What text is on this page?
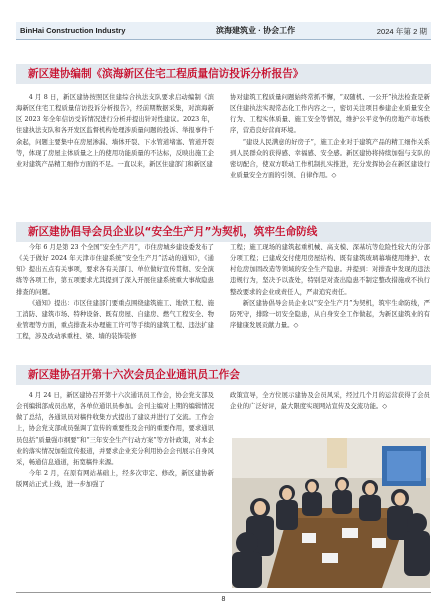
BinHai Construction Industry	滨海建筑业 · 协会工作	2024 年第 2 期
新区建协编制《滨海新区住宅工程质量信访投诉分析报告》

4 月 8 日，新区建协按照区住建综合执法支队要求启动编制《滨海新区住宅工程质量信访投诉分析报告》，经前期数据采集，对滨海新区 2023 年全年信访受诉情况进行分析并提出针对性建议。2023 年，住建执法支队和各开发区监督机构处理涉质量问题的投诉、举报事件千余起，问题主要集中在房屋渗漏、墙体开裂、下水管道堵塞、管道开裂等，体现了房屋主体质量之上的使用功能质量的不达标，反映出施工企业对建筑产品精工细作方面的不足。一直以来，新区住建部门和新区建

协对建筑工程质量问题始终常抓不懈，“双随机、一公开”执法检查是新区住建执法实现常态化工作内容之一，密切关注项目参建企业质量安全行为、工程实体质量、施工安全等情况，维护公平竞争的房地产市场秩序，营造良好营商环境。

“建设人民满意的好房子”，施工企业对于建筑产品的精工细作关系到人民群众的获得感、幸福感、安全感。新区建协将持续加强与支队的密切配合，使双方联动工作机制扎实推进，充分发挥协会在新区建设行业质量安全方面的引领、自律作用。◇

新区建协倡导会员企业以“安全生产月”为契机，筑牢生命防线

今年 6 月是第 23 个全国“安全生产月”，市住房城乡建设委发布了《关于做好 2024 年天津市住建系统“安全生产月”活动的通知》，《通知》提出五点有关事项，要求各有关部门、单位做好宣传贯彻、安全演练等各项工作，第五项要求尤其提到了深入开展住建系统重大事故隐患排查的问题。

《通知》提出：市区住建部门要重点围绕建筑施工、地铁工程、施工消防、建筑市场、特种设备、既有房屋、自建房、燃气工程安全、物业管理等方面，重点排查未办理施工许可等手续的建筑工程、违法扩建工程，涉及改动承重柱、梁、墙的装饰装修

工程；施工现场的建筑起重机械、高支模、深基坑等危险性较大的分部分项工程；已建成交付使用房屋结构、既有建筑玻璃幕墙使用维护、农村危房加固改造等领域的安全生产隐患。并提到：对排查中发现的违法违规行为，坚决予以查处，特别是对查出隐患不制定整改措施或不执行整改要求的企业或责任人，严肃追究责任。

新区建协倡导会员企业以“安全生产月”为契机，筑牢生命防线，严防死守，排除一切安全隐患，从自身安全工作做起，为新区建筑业的有序健康发展贡献力量。◇

新区建协召开第十六次会员企业通讯员工作会

4 月 24 日，新区建协召开第十六次通讯员工作会，协会党支部及会刊编辑部成员出席，各单位通讯员参加。会刊主编对上期的编辑情况做了总结，各通讯员对稿件收集方式提出了建议并进行了交流。工作会上，协会党支部成员强调了宣传的重要性及会刊的重要作用，要求通讯员包括“质量强市纲要”和“三年安全生产行动方案”等方针政策，对本企业的落实情况加强宣传报道，并要求企业充分利用协会会刊展示自身风采，畅通信息通道，拓宽稿件来源。

今年 2 月，在原有网站基础上，经多次审定、修改，新区建协新版网站正式上线，进一步加强了

政策宣导，全方位展示建协及会员风采，经过几个月的运营获得了会员企业的广泛好评，最大限度实现网站宣传及交流功能。◇

8
